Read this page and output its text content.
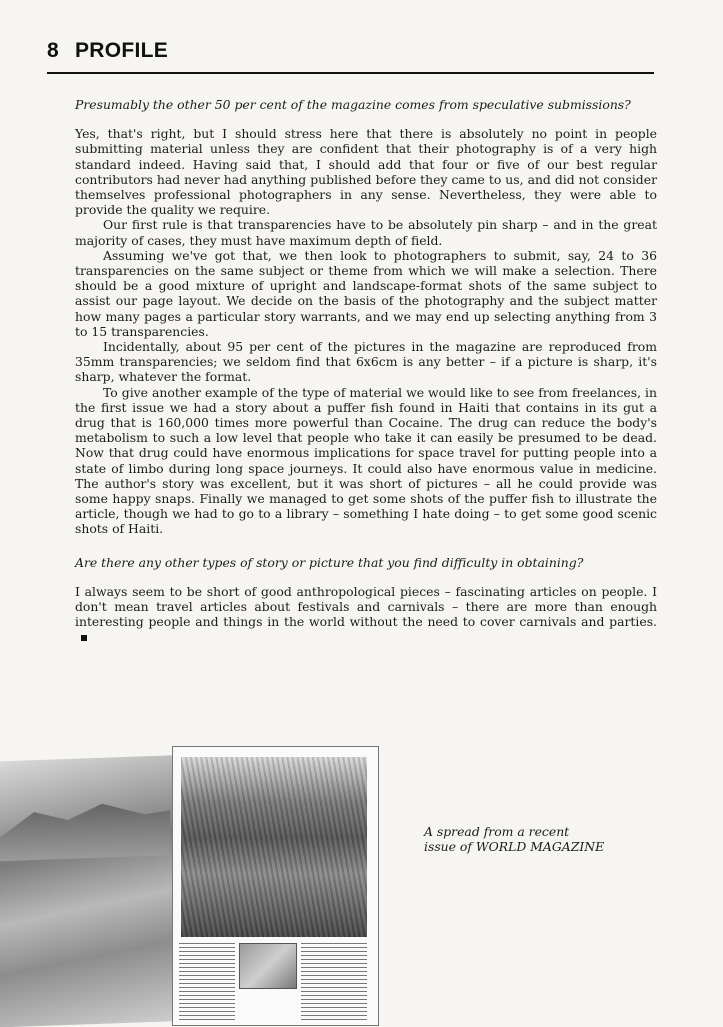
8 PROFILE

Presumably the other 50 per cent of the magazine comes from speculative submissions?

Yes, that's right, but I should stress here that there is absolutely no point in people submitting material unless they are confident that their photography is of a very high standard indeed. Having said that, I should add that four or five of our best regular contributors had never had anything published before they came to us, and did not consider themselves professional photographers in any sense. Nevertheless, they were able to provide the quality we require.

Our first rule is that transparencies have to be absolutely pin sharp – and in the great majority of cases, they must have maximum depth of field.

Assuming we've got that, we then look to photographers to submit, say, 24 to 36 transparencies on the same subject or theme from which we will make a selection. There should be a good mixture of upright and landscape-format shots of the same subject to assist our page layout. We decide on the basis of the photography and the subject matter how many pages a particular story warrants, and we may end up selecting anything from 3 to 15 transparencies.

Incidentally, about 95 per cent of the pictures in the magazine are reproduced from 35mm transparencies; we seldom find that 6x6cm is any better – if a picture is sharp, it's sharp, whatever the format.

To give another example of the type of material we would like to see from freelances, in the first issue we had a story about a puffer fish found in Haiti that contains in its gut a drug that is 160,000 times more powerful than Cocaine. The drug can reduce the body's metabolism to such a low level that people who take it can easily be presumed to be dead. Now that drug could have enormous implications for space travel for putting people into a state of limbo during long space journeys. It could also have enormous value in medicine. The author's story was excellent, but it was short of pictures – all he could provide was some happy snaps. Finally we managed to get some shots of the puffer fish to illustrate the article, though we had to go to a library – something I hate doing – to get some good scenic shots of Haiti.

Are there any other types of story or picture that you find difficulty in obtaining?

I always seem to be short of good anthropological pieces – fascinating articles on people. I don't mean travel articles about festivals and carnivals – there are more than enough interesting people and things in the world without the need to cover carnivals and parties.

A spread from a recent
issue of WORLD MAGAZINE
